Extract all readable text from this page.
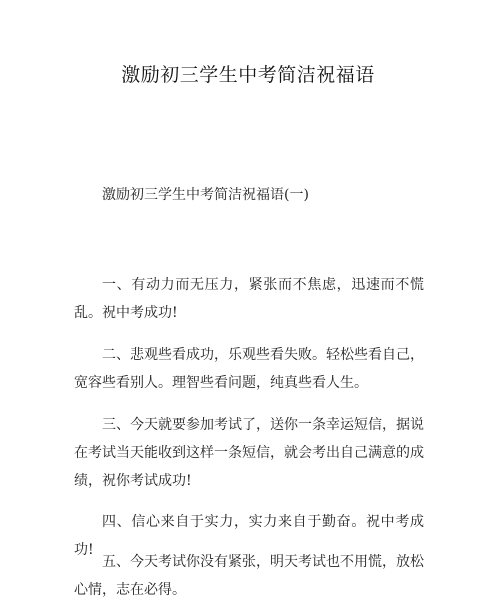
激励初三学生中考简洁祝福语
激励初三学生中考简洁祝福语(一)
一、有动力而无压力，紧张而不焦虑，迅速而不慌乱。祝中考成功!
二、悲观些看成功，乐观些看失败。轻松些看自己，宽容些看别人。理智些看问题，纯真些看人生。
三、今天就要参加考试了，送你一条幸运短信，据说在考试当天能收到这样一条短信，就会考出自己满意的成绩，祝你考试成功!
四、信心来自于实力，实力来自于勤奋。祝中考成功!
五、今天考试你没有紧张，明天考试也不用慌，放松心情，志在必得。
